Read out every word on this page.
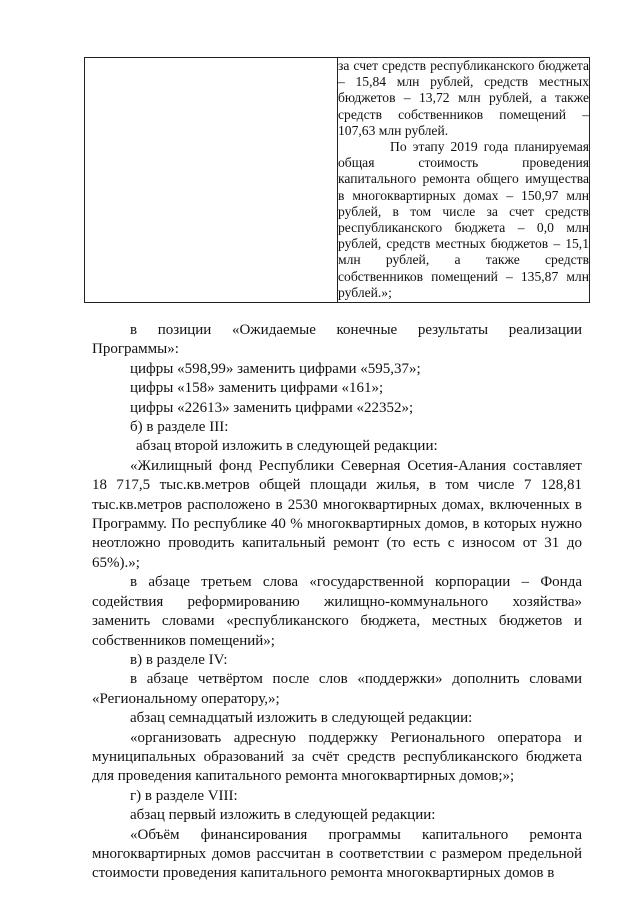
за счет средств республиканского бюджета – 15,84 млн рублей, средств местных бюджетов – 13,72 млн рублей, а также средств собственников помещений – 107,63 млн рублей.

По этапу 2019 года планируемая общая стоимость проведения капитального ремонта общего имущества в многоквартирных домах – 150,97 млн рублей, в том числе за счет средств республиканского бюджета – 0,0 млн рублей, средств местных бюджетов – 15,1 млн рублей, а также средств собственников помещений – 135,87 млн рублей.»;

в позиции «Ожидаемые конечные результаты реализации Программы»:

цифры «598,99» заменить цифрами «595,37»;

цифры «158» заменить цифрами «161»;

цифры «22613» заменить цифрами «22352»;

б) в разделе III:

абзац второй изложить в следующей редакции:

«Жилищный фонд Республики Северная Осетия-Алания составляет 18 717,5 тыс.кв.метров общей площади жилья, в том числе 7 128,81 тыс.кв.метров расположено в 2530 многоквартирных домах, включенных в Программу. По республике 40 % многоквартирных домов, в которых нужно неотложно проводить капитальный ремонт (то есть с износом от 31 до 65%).»;

в абзаце третьем слова «государственной корпорации – Фонда содействия реформированию жилищно-коммунального хозяйства» заменить словами «республиканского бюджета, местных бюджетов и собственников помещений»;

в) в разделе IV:

в абзаце четвёртом после слов «поддержки» дополнить словами «Региональному оператору,»;

абзац семнадцатый изложить в следующей редакции:

«организовать адресную поддержку Регионального оператора и муниципальных образований за счёт средств республиканского бюджета для проведения капитального ремонта многоквартирных домов;»;

г) в разделе VIII:

абзац первый изложить в следующей редакции:

«Объём финансирования программы капитального ремонта многоквартирных домов рассчитан в соответствии с размером предельной стоимости проведения капитального ремонта многоквартирных домов в
